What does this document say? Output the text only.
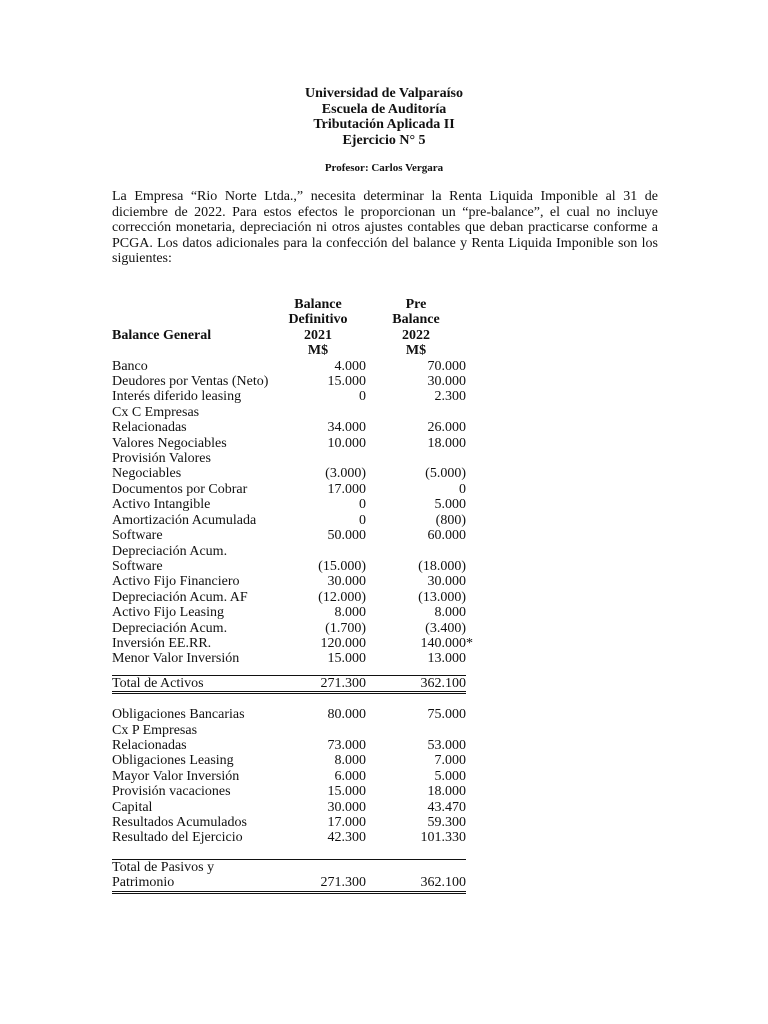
Universidad de Valparaíso
Escuela de Auditoría
Tributación Aplicada II
Ejercicio N° 5
Profesor: Carlos Vergara

La Empresa “Rio Norte Ltda.,” necesita determinar la Renta Liquida Imponible al 31 de diciembre de 2022. Para estos efectos le proporcionan un “pre-balance”, el cual no incluye corrección monetaria, depreciación ni otros ajustes contables que deban practicarse conforme a PCGA. Los datos adicionales para la confección del balance y Renta Liquida Imponible son los siguientes:

	Balance	Pre
	Definitivo	Balance
Balance General	2021	2022
	M$	M$
Banco	4.000	70.000
Deudores por Ventas (Neto)	15.000	30.000
Interés diferido leasing	0	2.300
Cx C Empresas		
Relacionadas	34.000	26.000
Valores Negociables	10.000	18.000
Provisión Valores		
Negociables	(3.000)	(5.000)
Documentos por Cobrar	17.000	0
Activo Intangible	0	5.000
Amortización Acumulada	0	(800)
Software	50.000	60.000
Depreciación Acum.		
Software	(15.000)	(18.000)
Activo Fijo Financiero	30.000	30.000
Depreciación Acum. AF	(12.000)	(13.000)
Activo Fijo Leasing	8.000	8.000
Depreciación Acum.	(1.700)	(3.400)
Inversión EE.RR.	120.000	140.000*
Menor Valor Inversión	15.000	13.000

Total de Activos	271.300	362.100

Obligaciones Bancarias	80.000	75.000
Cx P Empresas		
Relacionadas	73.000	53.000
Obligaciones Leasing	8.000	7.000
Mayor Valor Inversión	6.000	5.000
Provisión vacaciones	15.000	18.000
Capital	30.000	43.470
Resultados Acumulados	17.000	59.300
Resultado del Ejercicio	42.300	101.330

Total de Pasivos y		
Patrimonio	271.300	362.100
